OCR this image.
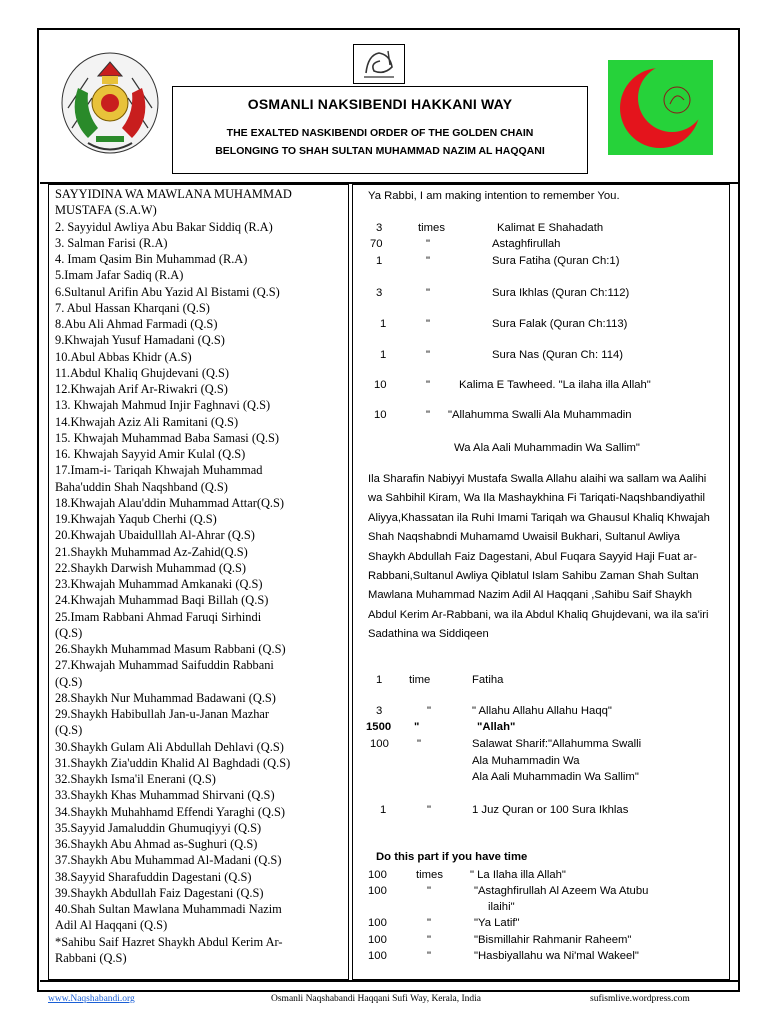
OSMANLI NAKSIBENDI HAKKANI WAY
THE EXALTED NASKIBENDI ORDER OF THE GOLDEN CHAIN
BELONGING TO SHAH SULTAN MUHAMMAD NAZIM AL HAQQANI
SAYYIDINA WA MAWLANA MUHAMMAD
MUSTAFA (S.A.W)
2. Sayyidul Awliya Abu Bakar Siddiq (R.A)
3. Salman Farisi (R.A)
4. Imam Qasim Bin Muhammad (R.A)
5.Imam Jafar Sadiq (R.A)
6.Sultanul Arifin Abu Yazid Al Bistami (Q.S)
7. Abul Hassan Kharqani (Q.S)
8.Abu Ali Ahmad Farmadi (Q.S)
9.Khwajah Yusuf Hamadani (Q.S)
10.Abul Abbas Khidr (A.S)
11.Abdul Khaliq Ghujdevani (Q.S)
12.Khwajah Arif Ar-Riwakri (Q.S)
13. Khwajah Mahmud Injir Faghnavi (Q.S)
14.Khwajah Aziz Ali Ramitani (Q.S)
15. Khwajah Muhammad Baba Samasi (Q.S)
16. Khwajah Sayyid Amir Kulal (Q.S)
17.Imam-i- Tariqah Khwajah Muhammad
Baha'uddin Shah Naqshband (Q.S)
18.Khwajah Alau'ddin Muhammad Attar(Q.S)
19.Khwajah Yaqub Cherhi (Q.S)
20.Khwajah Ubaidulllah Al-Ahrar (Q.S)
21.Shaykh Muhammad Az-Zahid(Q.S)
22.Shaykh Darwish Muhammad (Q.S)
23.Khwajah Muhammad Amkanaki (Q.S)
24.Khwajah Muhammad Baqi Billah (Q.S)
25.Imam Rabbani Ahmad Faruqi Sirhindi
(Q.S)
26.Shaykh Muhammad Masum Rabbani (Q.S)
27.Khwajah Muhammad Saifuddin Rabbani
(Q.S)
28.Shaykh Nur Muhammad Badawani (Q.S)
29.Shaykh Habibullah Jan-u-Janan Mazhar
(Q.S)
30.Shaykh Gulam Ali Abdullah Dehlavi (Q.S)
31.Shaykh Zia'uddin Khalid Al Baghdadi (Q.S)
32.Shaykh Isma'il Enerani (Q.S)
33.Shaykh Khas Muhammad Shirvani (Q.S)
34.Shaykh Muhahhamd Effendi Yaraghi (Q.S)
35.Sayyid Jamaluddin Ghumuqiyyi (Q.S)
36.Shaykh Abu Ahmad as-Sughuri (Q.S)
37.Shaykh Abu Muhammad Al-Madani (Q.S)
38.Sayyid Sharafuddin Dagestani (Q.S)
39.Shaykh Abdullah Faiz Dagestani (Q.S)
40.Shah Sultan Mawlana Muhammadi Nazim
Adil Al Haqqani (Q.S)
*Sahibu Saif Hazret Shaykh Abdul Kerim Ar-
Rabbani (Q.S)
Ya Rabbi, I am making intention to remember You.
3	times	Kalimat E Shahadath
70	"	Astaghfirullah
1	"	Sura Fatiha (Quran Ch:1)
3	"	Sura Ikhlas (Quran Ch:112)
1	"	Sura Falak (Quran Ch:113)
1	"	Sura Nas (Quran Ch: 114)
10	"	Kalima E Tawheed. "La ilaha illa Allah"
10	" "Allahumma Swalli Ala Muhammadin
Wa Ala Aali Muhammadin Wa Sallim"
Ila Sharafin Nabiyyi Mustafa Swalla Allahu alaihi wa sallam wa Aalihi wa Sahbihil Kiram, Wa Ila Mashaykhina Fi Tariqati-Naqshbandiyathil Aliyya,Khassatan ila Ruhi Imami Tariqah wa Ghausul Khaliq Khwajah Shah Naqshabndi Muhamamd Uwaisil Bukhari, Sultanul Awliya Shaykh Abdullah Faiz Dagestani, Abul Fuqara Sayyid Haji Fuat ar-Rabbani,Sultanul Awliya Qiblatul Islam Sahibu Zaman Shah Sultan Mawlana Muhammad Nazim Adil Al Haqqani ,Sahibu Saif Shaykh Abdul Kerim Ar-Rabbani, wa ila Abdul Khaliq Ghujdevani, wa ila sa'iri Sadathina wa Siddiqeen
1 time	Fatiha
3	"	" Allahu Allahu Allahu Haqq"
1500 "	"Allah"
100 "	Salawat Sharif:"Allahumma Swalli
Ala Muhammadin Wa
Ala Aali Muhammadin Wa Sallim"
1	"	1 Juz Quran or 100 Sura Ikhlas
Do this part if you have time
100	times " La Ilaha illa Allah"
100	"	"Astaghfirullah Al Azeem Wa Atubu
ilaihi"
100	"	"Ya Latif"
100	"	"Bismillahir Rahmanir Raheem"
100	"	"Hasbiyallahu wa Ni'mal Wakeel"
www.Naqshabandi.org	Osmanli Naqshabandi Haqqani Sufi Way, Kerala, India	sufismlive.wordpress.com
